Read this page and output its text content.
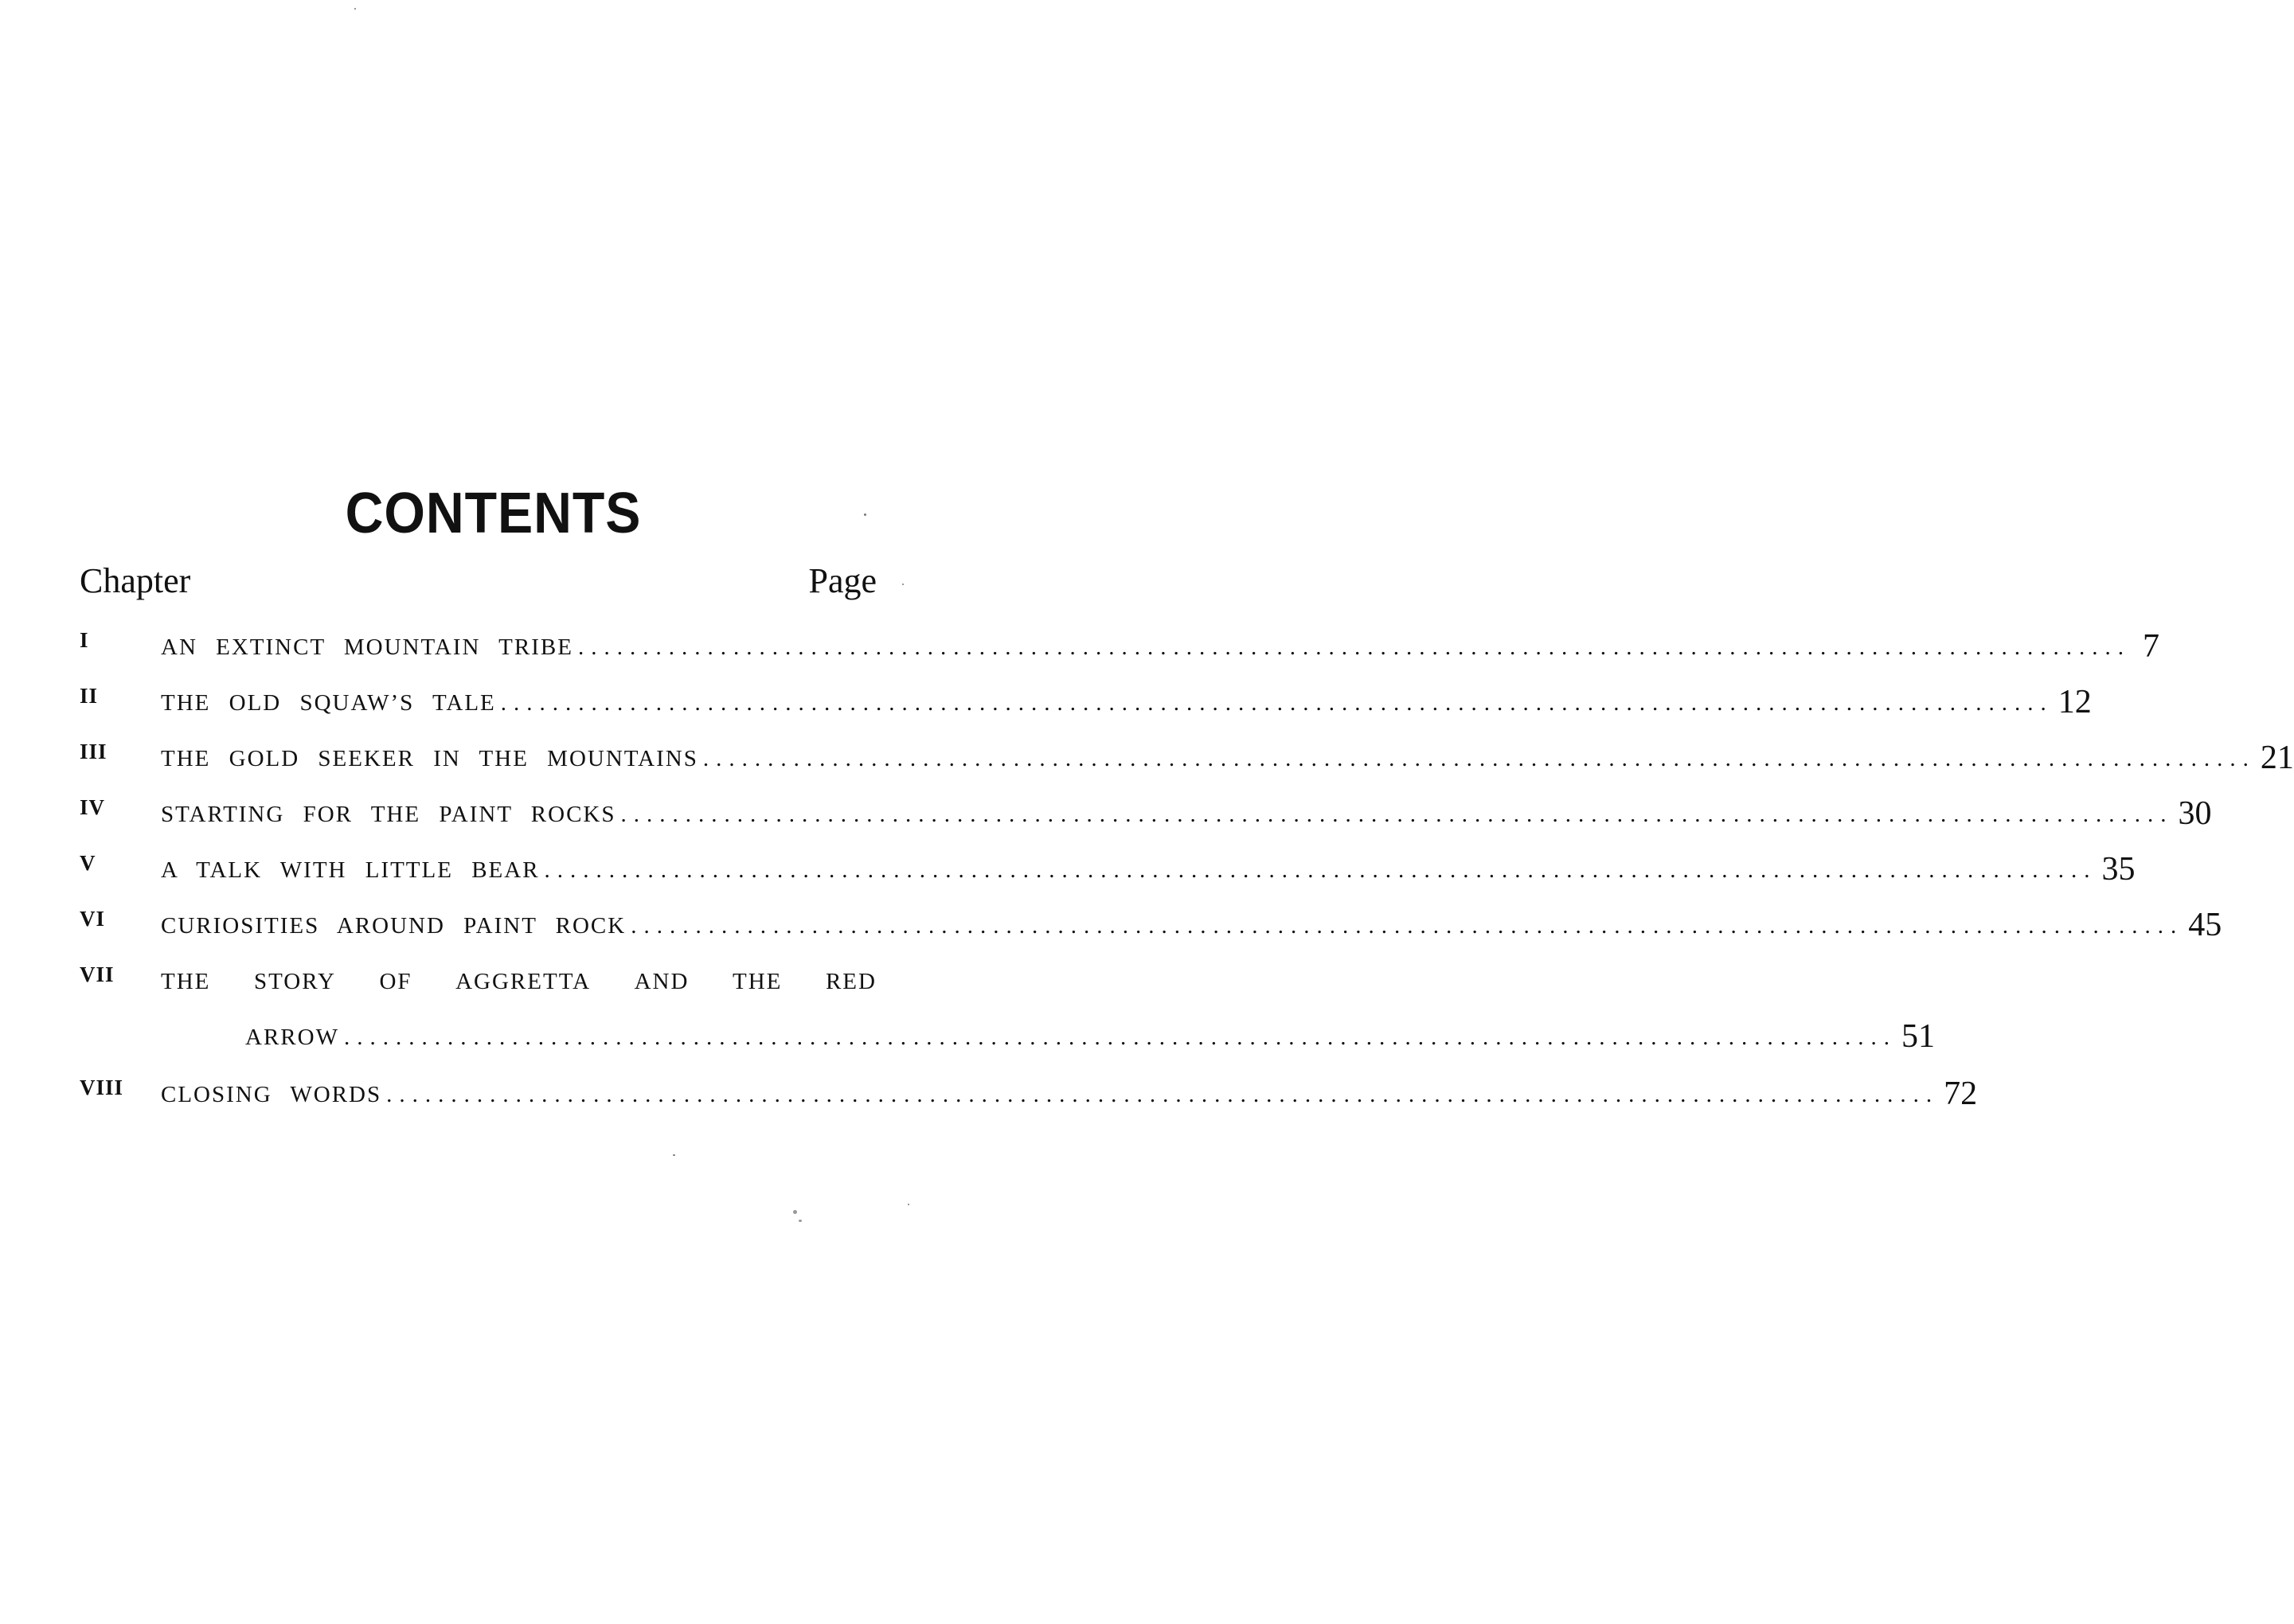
CONTENTS
Chapter	Page
I	AN EXTINCT MOUNTAIN TRIBE ........................................................................................................................ 7
II	THE OLD SQUAW’S TALE ........................................................................................................................ 12
III THE GOLD SEEKER IN THE MOUNTAINS ........................................................................................................................ 21
IV STARTING FOR THE PAINT ROCKS ........................................................................................................................ 30
V	A TALK WITH LITTLE BEAR ........................................................................................................................ 35
VI CURIOSITIES AROUND PAINT ROCK ........................................................................................................................ 45
VII THE STORY OF AGGRETTA AND THE RED
ARROW ........................................................................................................................ 51
VIII CLOSING WORDS ........................................................................................................................ 72
